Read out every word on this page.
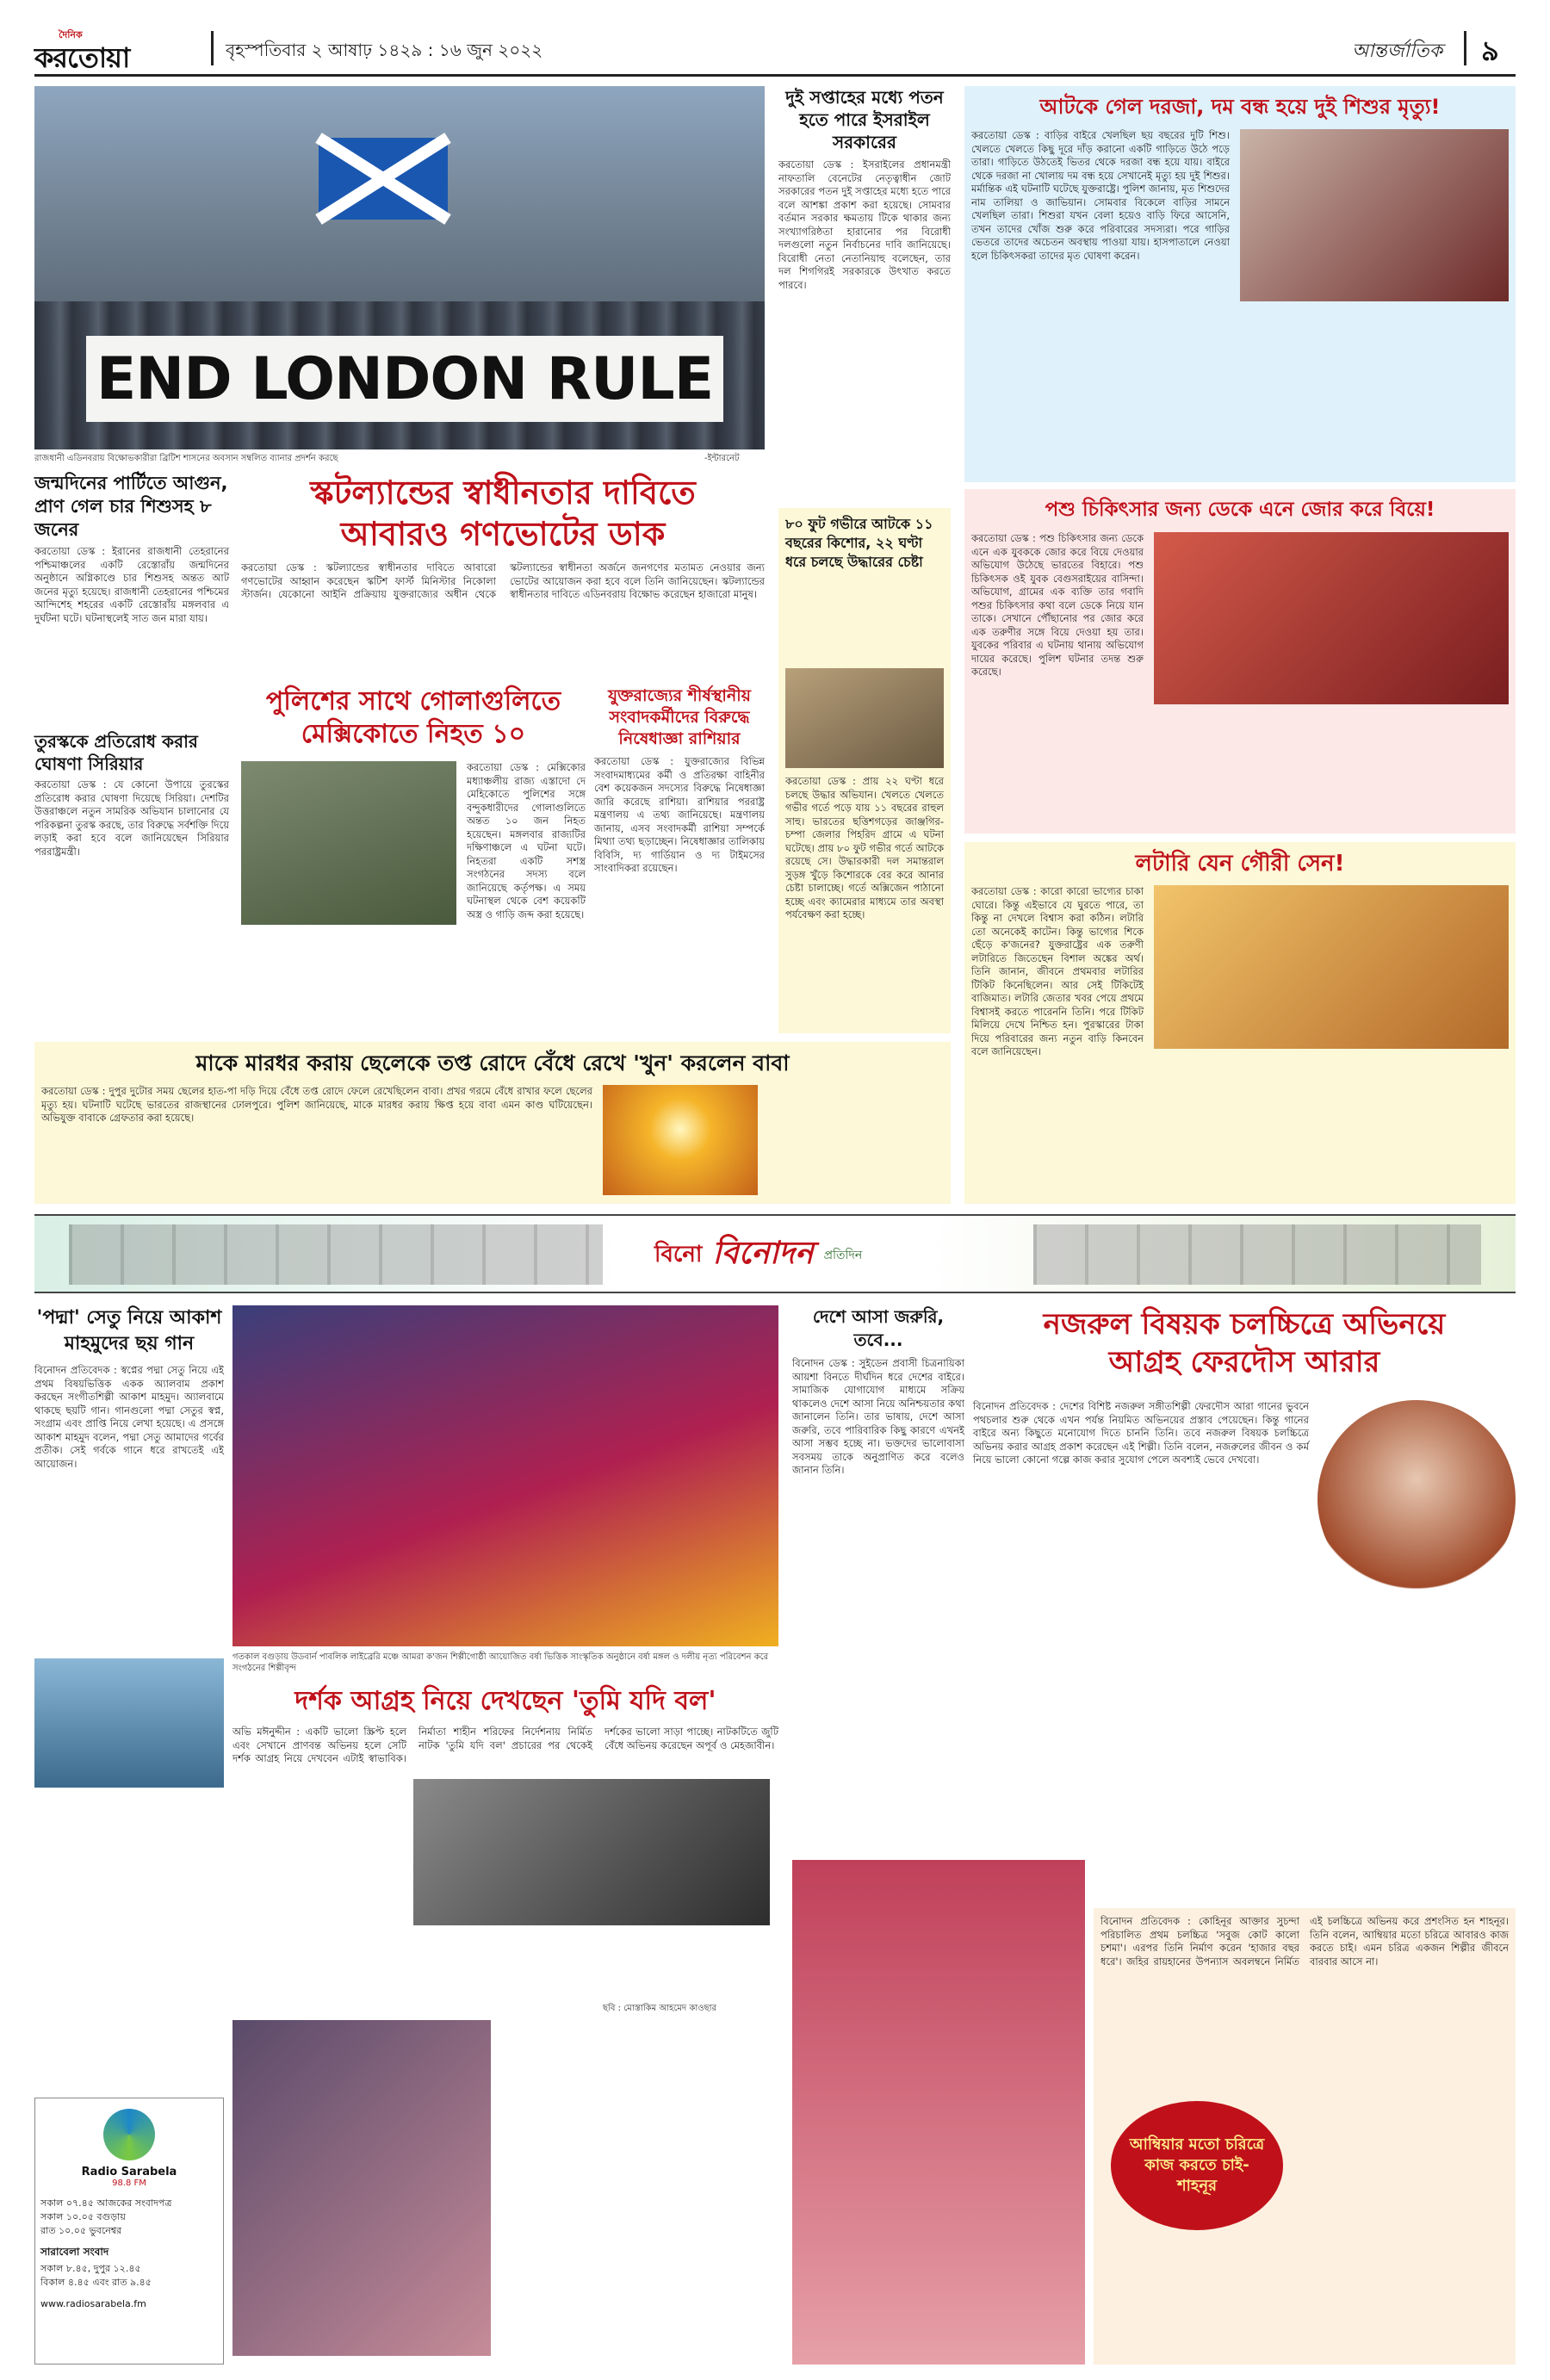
দৈনিক
করতোয়া	বৃহস্পতিবার ২ আষাঢ় ১৪২৯ : ১৬ জুন ২০২২	আন্তর্জাতিক ৯
END LONDON RULE
রাজধানী এডিনবরায় বিক্ষোভকারীরা ব্রিটিশ শাসনের অবসান সম্বলিত ব্যানার প্রদর্শন করছে	-ইন্টারনেট
জন্মদিনের পার্টিতে আগুন, প্রাণ গেল চার শিশুসহ ৮ জনের
করতোয়া ডেস্ক : ইরানের রাজধানী তেহরানের পশ্চিমাঞ্চলের একটি রেস্তোরাঁয় জন্মদিনের অনুষ্ঠানে অগ্নিকাণ্ডে চার শিশুসহ অন্তত আট জনের মৃত্যু হয়েছে। রাজধানী তেহরানের পশ্চিমের আন্দিশেহ শহরের একটি রেস্তোরাঁয় মঙ্গলবার এ দুর্ঘটনা ঘটে। ঘটনাস্থলেই সাত জন মারা যায়।
তুরস্ককে প্রতিরোধ করার ঘোষণা সিরিয়ার
করতোয়া ডেস্ক : যে কোনো উপায়ে তুরস্কের প্রতিরোধ করার ঘোষণা দিয়েছে সিরিয়া। দেশটির উত্তরাঞ্চলে নতুন সামরিক অভিযান চালানোর যে পরিকল্পনা তুরস্ক করছে, তার বিরুদ্ধে সর্বশক্তি দিয়ে লড়াই করা হবে বলে জানিয়েছেন সিরিয়ার পররাষ্ট্রমন্ত্রী।
স্কটল্যান্ডের স্বাধীনতার দাবিতে
আবারও গণভোটের ডাক
করতোয়া ডেস্ক : স্কটল্যান্ডের স্বাধীনতার দাবিতে আবারো গণভোটের আহ্বান করেছেন স্কটিশ ফার্স্ট মিনিস্টার নিকোলা স্টার্জন। যেকোনো আইনি প্রক্রিয়ায় যুক্তরাজ্যের অধীন থেকে স্কটল্যান্ডের স্বাধীনতা অর্জনে জনগণের মতামত নেওয়ার জন্য ভোটের আয়োজন করা হবে বলে তিনি জানিয়েছেন। স্কটল্যান্ডের স্বাধীনতার দাবিতে এডিনবরায় বিক্ষোভ করেছেন হাজারো মানুষ।
পুলিশের সাথে গোলাগুলিতে মেক্সিকোতে নিহত ১০
করতোয়া ডেস্ক : মেক্সিকোর মধ্যাঞ্চলীয় রাজ্য এস্তাদো দে মেহিকোতে পুলিশের সঙ্গে বন্দুকধারীদের গোলাগুলিতে অন্তত ১০ জন নিহত হয়েছেন। মঙ্গলবার রাজ্যটির দক্ষিণাঞ্চলে এ ঘটনা ঘটে। নিহতরা একটি সশস্ত্র সংগঠনের সদস্য বলে জানিয়েছে কর্তৃপক্ষ। এ সময় ঘটনাস্থল থেকে বেশ কয়েকটি অস্ত্র ও গাড়ি জব্দ করা হয়েছে।
যুক্তরাজ্যের শীর্ষস্থানীয় সংবাদকর্মীদের বিরুদ্ধে নিষেধাজ্ঞা রাশিয়ার
করতোয়া ডেস্ক : যুক্তরাজ্যের বিভিন্ন সংবাদমাধ্যমের কর্মী ও প্রতিরক্ষা বাহিনীর বেশ কয়েকজন সদস্যের বিরুদ্ধে নিষেধাজ্ঞা জারি করেছে রাশিয়া। রাশিয়ার পররাষ্ট্র মন্ত্রণালয় এ তথ্য জানিয়েছে। মন্ত্রণালয় জানায়, এসব সংবাদকর্মী রাশিয়া সম্পর্কে মিথ্যা তথ্য ছড়াচ্ছেন। নিষেধাজ্ঞার তালিকায় বিবিসি, দ্য গার্ডিয়ান ও দ্য টাইমসের সাংবাদিকরা রয়েছেন।
দুই সপ্তাহের মধ্যে পতন হতে পারে ইসরাইল সরকারের
করতোয়া ডেস্ক : ইসরাইলের প্রধানমন্ত্রী নাফতালি বেনেটের নেতৃত্বাধীন জোট সরকারের পতন দুই সপ্তাহের মধ্যে হতে পারে বলে আশঙ্কা প্রকাশ করা হয়েছে। সোমবার বর্তমান সরকার ক্ষমতায় টিকে থাকার জন্য সংখ্যাগরিষ্ঠতা হারানোর পর বিরোধী দলগুলো নতুন নির্বাচনের দাবি জানিয়েছে। বিরোধী নেতা নেতানিয়াহু বলেছেন, তার দল শিগগিরই সরকারকে উৎখাত করতে পারবে।
৮০ ফুট গভীরে আটকে ১১ বছরের কিশোর, ২২ ঘণ্টা ধরে চলছে উদ্ধারের চেষ্টা
করতোয়া ডেস্ক : প্রায় ২২ ঘণ্টা ধরে চলছে উদ্ধার অভিযান। খেলতে খেলতে গভীর গর্তে পড়ে যায় ১১ বছরের রাহুল সাহু। ভারতের ছত্তিশগড়ের জাঞ্জগির-চম্পা জেলার পিহরিদ গ্রামে এ ঘটনা ঘটেছে। প্রায় ৮০ ফুট গভীর গর্তে আটকে রয়েছে সে। উদ্ধারকারী দল সমান্তরাল সুড়ঙ্গ খুঁড়ে কিশোরকে বের করে আনার চেষ্টা চালাচ্ছে। গর্তে অক্সিজেন পাঠানো হচ্ছে এবং ক্যামেরার মাধ্যমে তার অবস্থা পর্যবেক্ষণ করা হচ্ছে।
আটকে গেল দরজা, দম বন্ধ হয়ে দুই শিশুর মৃত্যু!
করতোয়া ডেস্ক : বাড়ির বাইরে খেলছিল ছয় বছরের দুটি শিশু। খেলতে খেলতে কিছু দূরে দাঁড় করানো একটি গাড়িতে উঠে পড়ে তারা। গাড়িতে উঠতেই ভিতর থেকে দরজা বন্ধ হয়ে যায়। বাইরে থেকে দরজা না খোলায় দম বন্ধ হয়ে সেখানেই মৃত্যু হয় দুই শিশুর। মর্মান্তিক এই ঘটনাটি ঘটেছে যুক্তরাষ্ট্রে। পুলিশ জানায়, মৃত শিশুদের নাম তালিয়া ও জাভিয়ান। সোমবার বিকেলে বাড়ির সামনে খেলছিল তারা। শিশুরা যখন বেলা হয়েও বাড়ি ফিরে আসেনি, তখন তাদের খোঁজ শুরু করে পরিবারের সদস্যরা। পরে গাড়ির ভেতরে তাদের অচেতন অবস্থায় পাওয়া যায়। হাসপাতালে নেওয়া হলে চিকিৎসকরা তাদের মৃত ঘোষণা করেন।
পশু চিকিৎসার জন্য ডেকে এনে জোর করে বিয়ে!
করতোয়া ডেস্ক : পশু চিকিৎসার জন্য ডেকে এনে এক যুবককে জোর করে বিয়ে দেওয়ার অভিযোগ উঠেছে ভারতের বিহারে। পশু চিকিৎসক ওই যুবক বেগুসরাইয়ের বাসিন্দা। অভিযোগ, গ্রামের এক ব্যক্তি তার গবাদি পশুর চিকিৎসার কথা বলে ডেকে নিয়ে যান তাকে। সেখানে পৌঁছানোর পর জোর করে এক তরুণীর সঙ্গে বিয়ে দেওয়া হয় তার। যুবকের পরিবার এ ঘটনায় থানায় অভিযোগ দায়ের করেছে। পুলিশ ঘটনার তদন্ত শুরু করেছে।
লটারি যেন গৌরী সেন!
করতোয়া ডেস্ক : কারো কারো ভাগ্যের চাকা ঘোরে। কিন্তু এইভাবে যে ঘুরতে পারে, তা কিন্তু না দেখলে বিশ্বাস করা কঠিন। লটারি তো অনেকেই কাটেন। কিন্তু ভাগ্যের শিকে ছেঁড়ে ক'জনের? যুক্তরাষ্ট্রের এক তরুণী লটারিতে জিতেছেন বিশাল অঙ্কের অর্থ। তিনি জানান, জীবনে প্রথমবার লটারির টিকিট কিনেছিলেন। আর সেই টিকিটেই বাজিমাত। লটারি জেতার খবর পেয়ে প্রথমে বিশ্বাসই করতে পারেননি তিনি। পরে টিকিট মিলিয়ে দেখে নিশ্চিত হন। পুরস্কারের টাকা দিয়ে পরিবারের জন্য নতুন বাড়ি কিনবেন বলে জানিয়েছেন।
মাকে মারধর করায় ছেলেকে তপ্ত রোদে বেঁধে রেখে 'খুন' করলেন বাবা
করতোয়া ডেস্ক : দুপুর দুটোর সময় ছেলের হাত-পা দড়ি দিয়ে বেঁধে তপ্ত রোদে ফেলে রেখেছিলেন বাবা। প্রখর গরমে বেঁধে রাখার ফলে ছেলের মৃত্যু হয়। ঘটনাটি ঘটেছে ভারতের রাজস্থানের ঢোলপুরে। পুলিশ জানিয়েছে, মাকে মারধর করায় ক্ষিপ্ত হয়ে বাবা এমন কাণ্ড ঘটিয়েছেন। অভিযুক্ত বাবাকে গ্রেফতার করা হয়েছে।
বিনো বিনোদন প্রতিদিন
'পদ্মা' সেতু নিয়ে আকাশ মাহমুদের ছয় গান
বিনোদন প্রতিবেদক : স্বপ্নের পদ্মা সেতু নিয়ে এই প্রথম বিষয়ভিত্তিক একক অ্যালবাম প্রকাশ করছেন সংগীতশিল্পী আকাশ মাহমুদ। অ্যালবামে থাকছে ছয়টি গান। গানগুলো পদ্মা সেতুর স্বপ্ন, সংগ্রাম এবং প্রাপ্তি নিয়ে লেখা হয়েছে। এ প্রসঙ্গে আকাশ মাহমুদ বলেন, পদ্মা সেতু আমাদের গর্বের প্রতীক। সেই গর্বকে গানে ধরে রাখতেই এই আয়োজন।
Radio Sarabela
98.8 FM
সকাল ০৭.৪৫ আজকের সংবাদপত্র
সকাল ১০.০৫ বগুড়ায়
রাত ১০.০৫ ভুবনেশ্বর
সারাবেলা সংবাদ
সকাল ৮.৪৫, দুপুর ১২.৪৫
বিকাল ৪.৪৫ এবং রাত ৯.৪৫
www.radiosarabela.fm
গতকাল বগুড়ায় উডবার্ন পাবলিক লাইব্রেরি মঞ্চে আমরা ক'জন শিল্পীগোষ্ঠী আয়োজিত বর্ষা ভিত্তিক সাংস্কৃতিক অনুষ্ঠানে বর্ষা মঙ্গল ও দলীয় নৃত্য পরিবেশন করে সংগঠনের শিল্পীবৃন্দ
দর্শক আগ্রহ নিয়ে দেখছেন 'তুমি যদি বল'
অভি মঈনুদ্দীন : একটি ভালো স্ক্রিপ্ট হলে এবং সেখানে প্রাণবন্ত অভিনয় হলে সেটি দর্শক আগ্রহ নিয়ে দেখবেন এটাই স্বাভাবিক। নির্মাতা শাহীন শরিফের নির্দেশনায় নির্মিত নাটক 'তুমি যদি বল' প্রচারের পর থেকেই দর্শকের ভালো সাড়া পাচ্ছে। নাটকটিতে জুটি বেঁধে অভিনয় করেছেন অপূর্ব ও মেহজাবীন।
ছবি : মোস্তাকিম আহমেদ কাওছার
দেশে আসা জরুরি, তবে...
বিনোদন ডেস্ক : সুইডেন প্রবাসী চিত্রনায়িকা আয়শা বিনতে দীর্ঘদিন ধরে দেশের বাইরে। সামাজিক যোগাযোগ মাধ্যমে সক্রিয় থাকলেও দেশে আসা নিয়ে অনিশ্চয়তার কথা জানালেন তিনি। তার ভাষায়, দেশে আসা জরুরি, তবে পারিবারিক কিছু কারণে এখনই আসা সম্ভব হচ্ছে না। ভক্তদের ভালোবাসা সবসময় তাকে অনুপ্রাণিত করে বলেও জানান তিনি।
নজরুল বিষয়ক চলচ্চিত্রে অভিনয়ে
আগ্রহ ফেরদৌস আরার
বিনোদন প্রতিবেদক : দেশের বিশিষ্ট নজরুল সঙ্গীতশিল্পী ফেরদৌস আরা গানের ভুবনে পথচলার শুরু থেকে এখন পর্যন্ত নিয়মিত অভিনয়ের প্রস্তাব পেয়েছেন। কিন্তু গানের বাইরে অন্য কিছুতে মনোযোগ দিতে চাননি তিনি। তবে নজরুল বিষয়ক চলচ্চিত্রে অভিনয় করার আগ্রহ প্রকাশ করেছেন এই শিল্পী। তিনি বলেন, নজরুলের জীবন ও কর্ম নিয়ে ভালো কোনো গল্পে কাজ করার সুযোগ পেলে অবশ্যই ভেবে দেখবো।
বিনোদন প্রতিবেদক : কোহিনূর আক্তার সুচন্দা পরিচালিত প্রথম চলচ্চিত্র 'সবুজ কোট কালো চশমা'। এরপর তিনি নির্মাণ করেন 'হাজার বছর ধরে'। জহির রায়হানের উপন্যাস অবলম্বনে নির্মিত এই চলচ্চিত্রে অভিনয় করে প্রশংসিত হন শাহনূর। তিনি বলেন, আম্বিয়ার মতো চরিত্রে আবারও কাজ করতে চাই। এমন চরিত্র একজন শিল্পীর জীবনে বারবার আসে না।
আম্বিয়ার মতো চরিত্রে কাজ করতে চাই-শাহনূর
